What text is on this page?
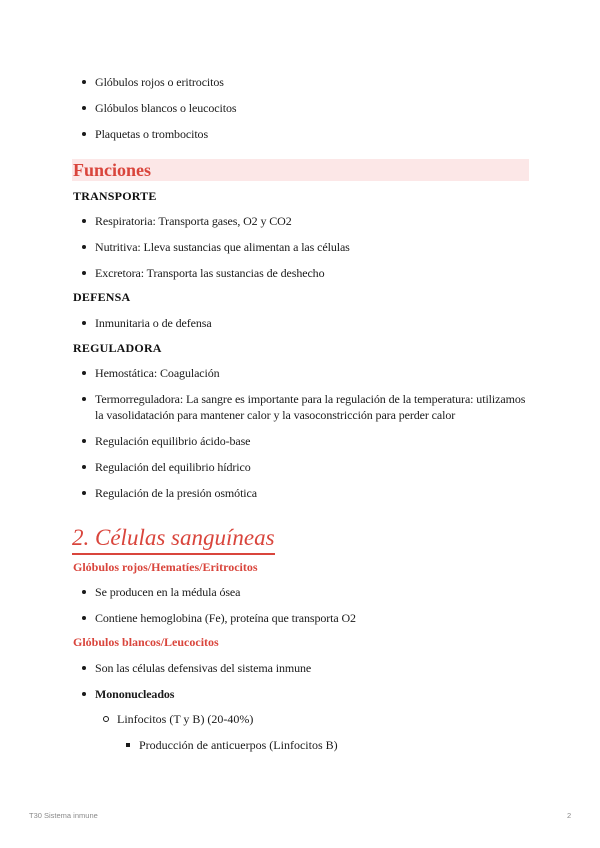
Glóbulos rojos o eritrocitos
Glóbulos blancos o leucocitos
Plaquetas o trombocitos
Funciones
TRANSPORTE
Respiratoria: Transporta gases, O2 y CO2
Nutritiva: Lleva sustancias que alimentan a las células
Excretora: Transporta las sustancias de deshecho
DEFENSA
Inmunitaria o de defensa
REGULADORA
Hemostática: Coagulación
Termorreguladora: La sangre es importante para la regulación de la temperatura: utilizamos la vasolidatación para mantener calor y la vasoconstricción para perder calor
Regulación equilibrio ácido-base
Regulación del equilibrio hídrico
Regulación de la presión osmótica
2. Células sanguíneas
Glóbulos rojos/Hematíes/Eritrocitos
Se producen en la médula ósea
Contiene hemoglobina (Fe), proteína que transporta O2
Glóbulos blancos/Leucocitos
Son las células defensivas del sistema inmune
Mononucleados
Linfocitos (T y B) (20-40%)
Producción de anticuerpos (Linfocitos B)
T30 Sistema inmune	2
